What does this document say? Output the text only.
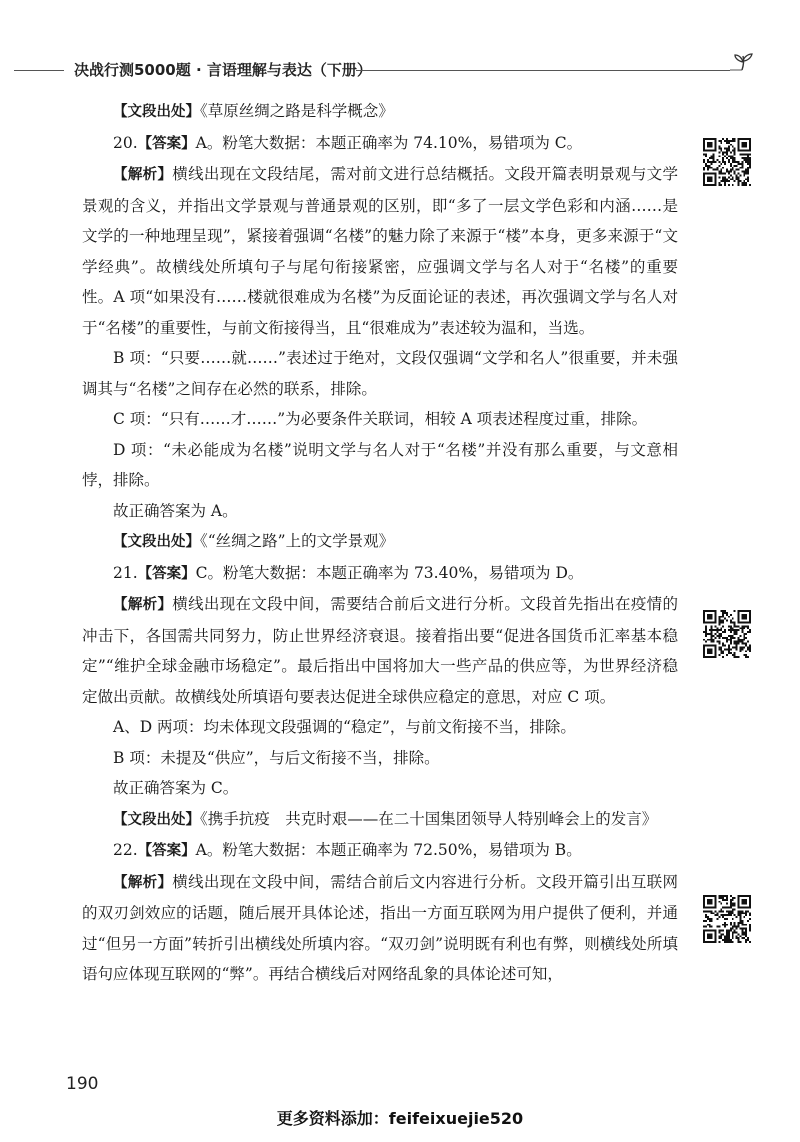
决战行测5000题 · 言语理解与表达（下册）

【文段出处】《草原丝绸之路是科学概念》

20.【答案】A。粉笔大数据：本题正确率为 74.10%，易错项为 C。

【解析】横线出现在文段结尾，需对前文进行总结概括。文段开篇表明景观与文学景观的含义，并指出文学景观与普通景观的区别，即“多了一层文学色彩和内涵……是文学的一种地理呈现”，紧接着强调“名楼”的魅力除了来源于“楼”本身，更多来源于“文学经典”。故横线处所填句子与尾句衔接紧密，应强调文学与名人对于“名楼”的重要性。A 项“如果没有……楼就很难成为名楼”为反面论证的表述，再次强调文学与名人对于“名楼”的重要性，与前文衔接得当，且“很难成为”表述较为温和，当选。

B 项：“只要……就……”表述过于绝对，文段仅强调“文学和名人”很重要，并未强调其与“名楼”之间存在必然的联系，排除。

C 项：“只有……才……”为必要条件关联词，相较 A 项表述程度过重，排除。

D 项：“未必能成为名楼”说明文学与名人对于“名楼”并没有那么重要，与文意相悖，排除。

故正确答案为 A。

【文段出处】《“丝绸之路”上的文学景观》

21.【答案】C。粉笔大数据：本题正确率为 73.40%，易错项为 D。

【解析】横线出现在文段中间，需要结合前后文进行分析。文段首先指出在疫情的冲击下，各国需共同努力，防止世界经济衰退。接着指出要“促进各国货币汇率基本稳定”“维护全球金融市场稳定”。最后指出中国将加大一些产品的供应等，为世界经济稳定做出贡献。故横线处所填语句要表达促进全球供应稳定的意思，对应 C 项。

A、D 两项：均未体现文段强调的“稳定”，与前文衔接不当，排除。

B 项：未提及“供应”，与后文衔接不当，排除。

故正确答案为 C。

【文段出处】《携手抗疫　共克时艰——在二十国集团领导人特别峰会上的发言》

22.【答案】A。粉笔大数据：本题正确率为 72.50%，易错项为 B。

【解析】横线出现在文段中间，需结合前后文内容进行分析。文段开篇引出互联网的双刃剑效应的话题，随后展开具体论述，指出一方面互联网为用户提供了便利，并通过“但另一方面”转折引出横线处所填内容。“双刃剑”说明既有利也有弊，则横线处所填语句应体现互联网的“弊”。再结合横线后对网络乱象的具体论述可知，

190
更多资料添加：feifeixuejie520
